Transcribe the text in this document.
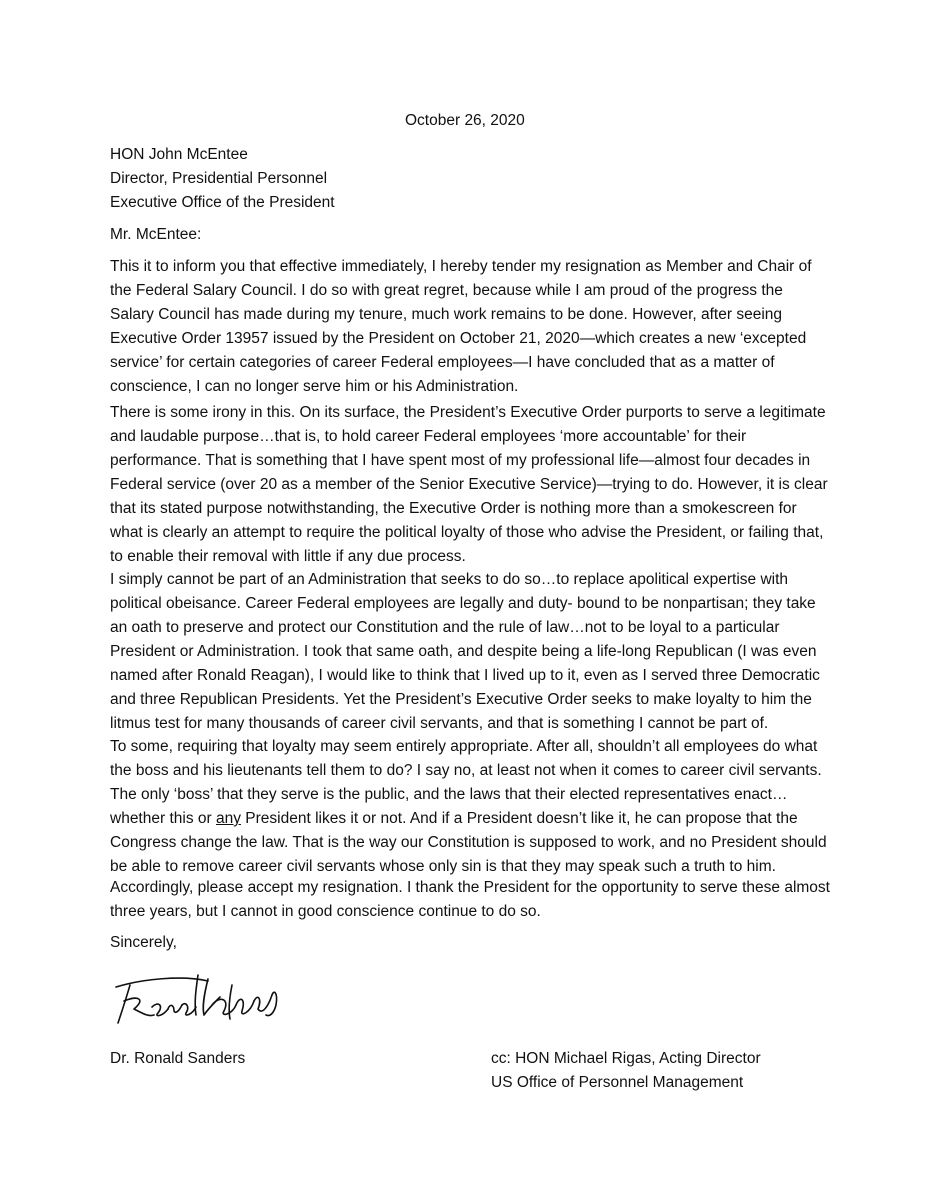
October 26, 2020
HON John McEntee
Director, Presidential Personnel
Executive Office of the President
Mr. McEntee:

This it to inform you that effective immediately, I hereby tender my resignation as Member and Chair of the Federal Salary Council. I do so with great regret, because while I am proud of the progress the Salary Council has made during my tenure, much work remains to be done. However, after seeing Executive Order 13957 issued by the President on October 21, 2020—which creates a new ‘excepted service’ for certain categories of career Federal employees—I have concluded that as a matter of conscience, I can no longer serve him or his Administration.

There is some irony in this. On its surface, the President’s Executive Order purports to serve a legitimate and laudable purpose…that is, to hold career Federal employees ‘more accountable’ for their performance. That is something that I have spent most of my professional life—almost four decades in Federal service (over 20 as a member of the Senior Executive Service)—trying to do. However, it is clear that its stated purpose notwithstanding, the Executive Order is nothing more than a smokescreen for what is clearly an attempt to require the political loyalty of those who advise the President, or failing that, to enable their removal with little if any due process.

I simply cannot be part of an Administration that seeks to do so…to replace apolitical expertise with political obeisance. Career Federal employees are legally and duty- bound to be nonpartisan; they take an oath to preserve and protect our Constitution and the rule of law…not to be loyal to a particular President or Administration. I took that same oath, and despite being a life-long Republican (I was even named after Ronald Reagan), I would like to think that I lived up to it, even as I served three Democratic and three Republican Presidents. Yet the President’s Executive Order seeks to make loyalty to him the litmus test for many thousands of career civil servants, and that is something I cannot be part of.

To some, requiring that loyalty may seem entirely appropriate. After all, shouldn’t all employees do what the boss and his lieutenants tell them to do? I say no, at least not when it comes to career civil servants. The only ‘boss’ that they serve is the public, and the laws that their elected representatives enact…whether this or any President likes it or not. And if a President doesn’t like it, he can propose that the Congress change the law. That is the way our Constitution is supposed to work, and no President should be able to remove career civil servants whose only sin is that they may speak such a truth to him.

Accordingly, please accept my resignation. I thank the President for the opportunity to serve these almost three years, but I cannot in good conscience continue to do so.

Sincerely,
Dr. Ronald Sanders	cc: HON Michael Rigas, Acting Director
US Office of Personnel Management
